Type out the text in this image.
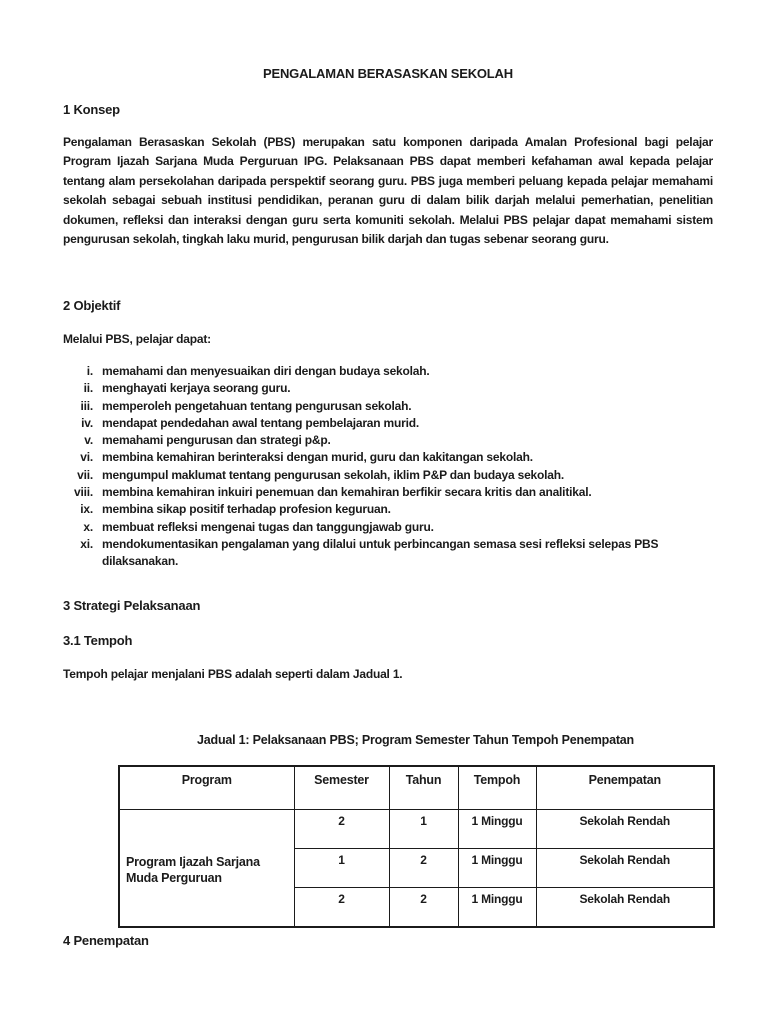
PENGALAMAN BERASASKAN SEKOLAH
1 Konsep
Pengalaman Berasaskan Sekolah (PBS) merupakan satu komponen daripada Amalan Profesional bagi pelajar Program Ijazah Sarjana Muda Perguruan IPG. Pelaksanaan PBS dapat memberi kefahaman awal kepada pelajar tentang alam persekolahan daripada perspektif seorang guru. PBS juga memberi peluang kepada pelajar memahami sekolah sebagai sebuah institusi pendidikan, peranan guru di dalam bilik darjah melalui pemerhatian, penelitian dokumen, refleksi dan interaksi dengan guru serta komuniti sekolah. Melalui PBS pelajar dapat memahami sistem pengurusan sekolah, tingkah laku murid, pengurusan bilik darjah dan tugas sebenar seorang guru.
2 Objektif
Melalui PBS, pelajar dapat:
i. memahami dan menyesuaikan diri dengan budaya sekolah.
ii. menghayati kerjaya seorang guru.
iii. memperoleh pengetahuan tentang pengurusan sekolah.
iv. mendapat pendedahan awal tentang pembelajaran murid.
v. memahami pengurusan dan strategi p&p.
vi. membina kemahiran berinteraksi dengan murid, guru dan kakitangan sekolah.
vii. mengumpul maklumat tentang pengurusan sekolah, iklim P&P dan budaya sekolah.
viii. membina kemahiran inkuiri penemuan dan kemahiran berfikir secara kritis dan analitikal.
ix. membina sikap positif terhadap profesion keguruan.
x. membuat refleksi mengenai tugas dan tanggungjawab guru.
xi. mendokumentasikan pengalaman yang dilalui untuk perbincangan semasa sesi refleksi selepas PBS dilaksanakan.
3 Strategi Pelaksanaan
3.1 Tempoh
Tempoh pelajar menjalani PBS adalah seperti dalam Jadual 1.
Jadual 1: Pelaksanaan PBS; Program Semester Tahun Tempoh Penempatan
Program	Semester	Tahun	Tempoh	Penempatan
Program Ijazah Sarjana Muda Perguruan	2	1	1 Minggu	Sekolah Rendah
	1	2	1 Minggu	Sekolah Rendah
	2	2	1 Minggu	Sekolah Rendah
4 Penempatan
